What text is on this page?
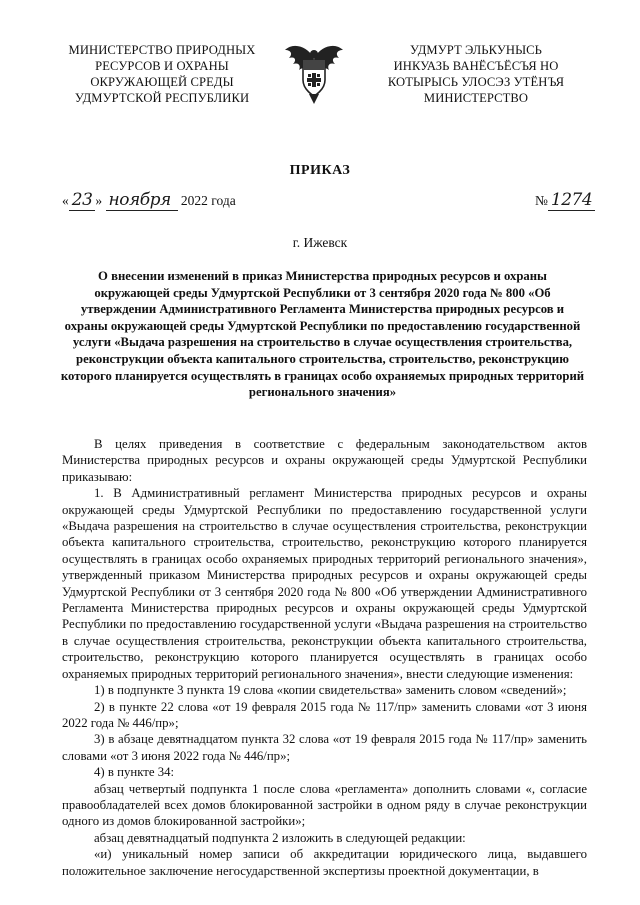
МИНИСТЕРСТВО ПРИРОДНЫХ
РЕСУРСОВ И ОХРАНЫ
ОКРУЖАЮЩЕЙ СРЕДЫ
УДМУРТСКОЙ РЕСПУБЛИКИ
УДМУРТ ЭЛЬКУНЫСЬ
ИНКУАЗЬ ВАНЁСЪЁСЪЯ НО
КОТЫРЫСЬ УЛОСЭЗ УТЁНЪЯ
МИНИСТЕРСТВО
ПРИКАЗ
« 23 » ноября 2022 года	№ 1274
г. Ижевск
О внесении изменений в приказ Министерства природных ресурсов и охраны окружающей среды Удмуртской Республики от 3 сентября 2020 года № 800 «Об утверждении Административного Регламента Министерства природных ресурсов и охраны окружающей среды Удмуртской Республики по предоставлению государственной услуги «Выдача разрешения на строительство в случае осуществления строительства, реконструкции объекта капитального строительства, строительство, реконструкцию которого планируется осуществлять в границах особо охраняемых природных территорий регионального значения»

В целях приведения в соответствие с федеральным законодательством актов Министерства природных ресурсов и охраны окружающей среды Удмуртской Республики приказываю:

1. В Административный регламент Министерства природных ресурсов и охраны окружающей среды Удмуртской Республики по предоставлению государственной услуги «Выдача разрешения на строительство в случае осуществления строительства, реконструкции объекта капитального строительства, строительство, реконструкцию которого планируется осуществлять в границах особо охраняемых природных территорий регионального значения», утвержденный приказом Министерства природных ресурсов и охраны окружающей среды Удмуртской Республики от 3 сентября 2020 года № 800 «Об утверждении Административного Регламента Министерства природных ресурсов и охраны окружающей среды Удмуртской Республики по предоставлению государственной услуги «Выдача разрешения на строительство в случае осуществления строительства, реконструкции объекта капитального строительства, строительство, реконструкцию которого планируется осуществлять в границах особо охраняемых природных территорий регионального значения», внести следующие изменения:

1) в подпункте 3 пункта 19 слова «копии свидетельства» заменить словом «сведений»;

2) в пункте 22 слова «от 19 февраля 2015 года № 117/пр» заменить словами «от 3 июня 2022 года № 446/пр»;

3) в абзаце девятнадцатом пункта 32 слова «от 19 февраля 2015 года № 117/пр» заменить словами «от 3 июня 2022 года № 446/пр»;

4) в пункте 34:

абзац четвертый подпункта 1 после слова «регламента» дополнить словами «, согласие правообладателей всех домов блокированной застройки в одном ряду в случае реконструкции одного из домов блокированной застройки»;

абзац девятнадцатый подпункта 2 изложить в следующей редакции:

«и) уникальный номер записи об аккредитации юридического лица, выдавшего положительное заключение негосударственной экспертизы проектной документации, в
